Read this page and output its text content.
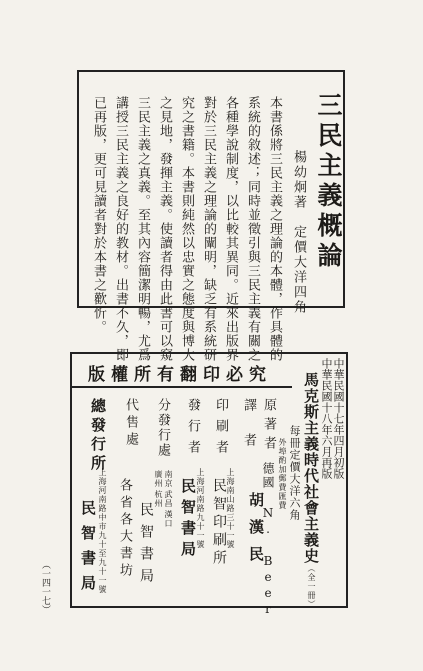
三民主義概論
楊幼炯著　定價大洋四角
本書係將三民主義之理論的本體，作具體的
系統的敘述；同時並徵引與三民主義有關之
各種學說制度，以比較其異同。近來出版界
對於三民主義之理論的闡明，缺乏有系統研
究之書籍。本書則純然以忠實之態度與博大
之見地，發揮主義。使讀者得由此書可以窺
三民主義之真義。至其內容簡潔明暢，尤爲
講授三民主義之良好的教材。出書不久，即
已再版，更可見讀者對於本書之歡忻。
版權所有翻印必究	中華民國十七年四月初版
中華民國十八年六月再版
馬克斯主義時代社會主義史（全一冊）
每冊定價大洋六角
外埠酌加郵費匯費
德國 N. Beer
胡漢民
上海南山路三十一號
民智印刷所
上海河南路九十一號
民智書局
南京
廣州
武昌
漢口
杭州
民智書局
各省各大書坊
上海河南路中市九十至九十一號
民智書局
原著者
譯者
印刷者
發行者
分發行處
代售處
總發行所
（一四一七）
